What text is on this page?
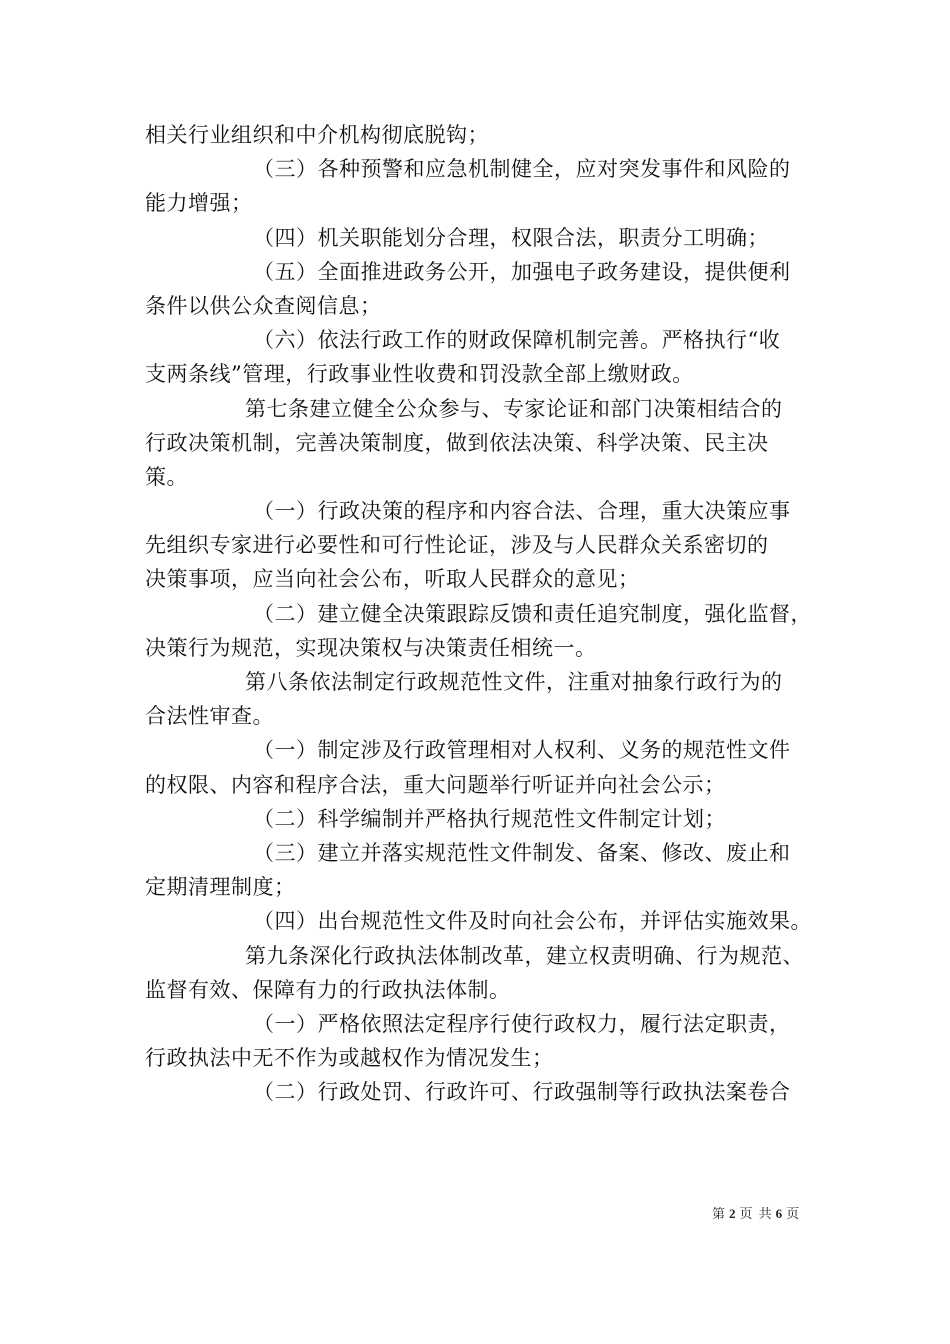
相关行业组织和中介机构彻底脱钩；
（三）各种预警和应急机制健全，应对突发事件和风险的
能力增强；
（四）机关职能划分合理，权限合法，职责分工明确；
（五）全面推进政务公开，加强电子政务建设，提供便利
条件以供公众查阅信息；
（六）依法行政工作的财政保障机制完善。严格执行“收
支两条线”管理，行政事业性收费和罚没款全部上缴财政。
第七条建立健全公众参与、专家论证和部门决策相结合的
行政决策机制，完善决策制度，做到依法决策、科学决策、民主决
策。
（一）行政决策的程序和内容合法、合理，重大决策应事
先组织专家进行必要性和可行性论证，涉及与人民群众关系密切的
决策事项，应当向社会公布，听取人民群众的意见；
（二）建立健全决策跟踪反馈和责任追究制度，强化监督，
决策行为规范，实现决策权与决策责任相统一。
第八条依法制定行政规范性文件，注重对抽象行政行为的
合法性审查。
（一）制定涉及行政管理相对人权利、义务的规范性文件
的权限、内容和程序合法，重大问题举行听证并向社会公示；
（二）科学编制并严格执行规范性文件制定计划；
（三）建立并落实规范性文件制发、备案、修改、废止和
定期清理制度；
（四）出台规范性文件及时向社会公布，并评估实施效果。
第九条深化行政执法体制改革，建立权责明确、行为规范、
监督有效、保障有力的行政执法体制。
（一）严格依照法定程序行使行政权力，履行法定职责，
行政执法中无不作为或越权作为情况发生；
（二）行政处罚、行政许可、行政强制等行政执法案卷合
第 2 页 共 6 页
